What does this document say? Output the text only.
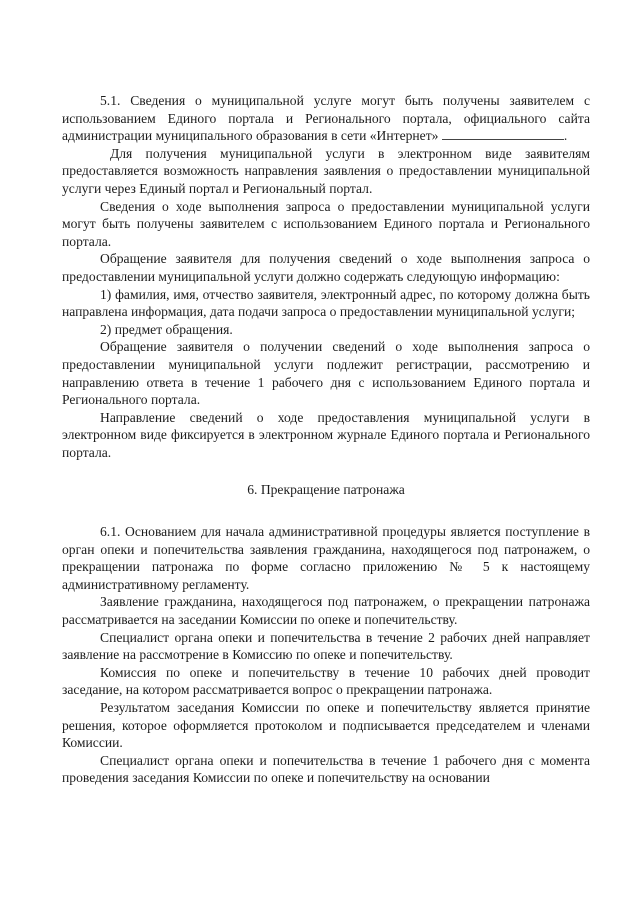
5.1. Сведения о муниципальной услуге могут быть получены заявителем с использованием Единого портала и Регионального портала, официального сайта администрации муниципального образования в сети «Интернет»	.

Для получения муниципальной услуги в электронном виде заявителям предоставляется возможность направления заявления о предоставлении муниципальной услуги через Единый портал и Региональный портал.

Сведения о ходе выполнения запроса о предоставлении муниципальной услуги могут быть получены заявителем с использованием Единого портала и Регионального портала.

Обращение заявителя для получения сведений о ходе выполнения запроса о предоставлении муниципальной услуги должно содержать следующую информацию:

1) фамилия, имя, отчество заявителя, электронный адрес, по которому должна быть направлена информация, дата подачи запроса о предоставлении муниципальной услуги;

2) предмет обращения.

Обращение заявителя о получении сведений о ходе выполнения запроса о предоставлении муниципальной услуги подлежит регистрации, рассмотрению и направлению ответа в течение 1 рабочего дня с использованием Единого портала и Регионального портала.

Направление сведений о ходе предоставления муниципальной услуги в электронном виде фиксируется в электронном журнале Единого портала и Регионального портала.

6. Прекращение патронажа

6.1. Основанием для начала административной процедуры является поступление в орган опеки и попечительства заявления гражданина, находящегося под патронажем, о прекращении патронажа по форме согласно приложению № 5 к настоящему административному регламенту.

Заявление гражданина, находящегося под патронажем, о прекращении патронажа рассматривается на заседании Комиссии по опеке и попечительству.

Специалист органа опеки и попечительства в течение 2 рабочих дней направляет заявление на рассмотрение в Комиссию по опеке и попечительству.

Комиссия по опеке и попечительству в течение 10 рабочих дней проводит заседание, на котором рассматривается вопрос о прекращении патронажа.

Результатом заседания Комиссии по опеке и попечительству является принятие решения, которое оформляется протоколом и подписывается председателем и членами Комиссии.

Специалист органа опеки и попечительства в течение 1 рабочего дня с момента проведения заседания Комиссии по опеке и попечительству на основании
